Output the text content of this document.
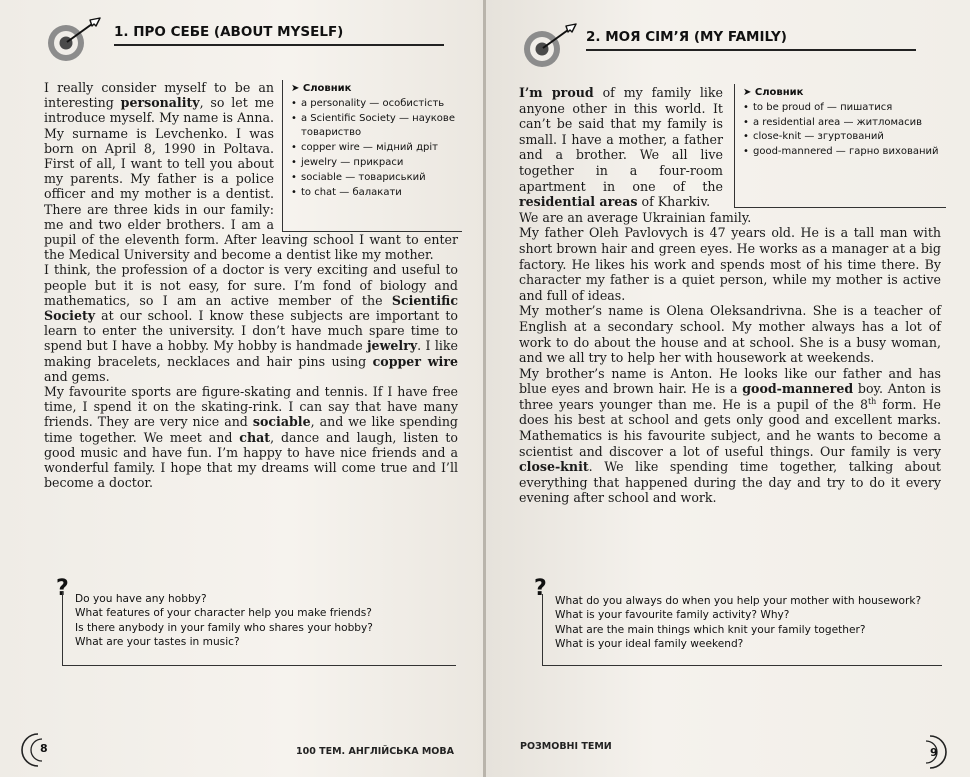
1. ПРО СЕБЕ (ABOUT MYSELF)
➤ Словник
• a personality — особистість
• a Scientific Society — наукове товариство
• copper wire — мідний дріт
• jewelry — прикраси
• sociable — товариський
• to chat — балакати

I really consider myself to be an interesting personality, so let me introduce myself. My name is Anna. My surname is Levchenko. I was born on April 8, 1990 in Poltava. First of all, I want to tell you about my parents. My father is a police officer and my mother is a dentist. There are three kids in our family: me and two elder brothers. I am a pupil of the eleventh form. After leaving school I want to enter the Medical University and become a dentist like my mother.

I think, the profession of a doctor is very exciting and useful to people but it is not easy, for sure. I’m fond of biology and mathematics, so I am an active member of the Scientific Society at our school. I know these subjects are important to learn to enter the university. I don’t have much spare time to spend but I have a hobby. My hobby is handmade jewelry. I like making bracelets, necklaces and hair pins using copper wire and gems.

My favourite sports are figure-skating and tennis. If I have free time, I spend it on the skating-rink. I can say that have many friends. They are very nice and sociable, and we like spending time together. We meet and chat, dance and laugh, listen to good music and have fun. I’m happy to have nice friends and a wonderful family. I hope that my dreams will come true and I’ll become a doctor.

? Do you have any hobby?
What features of your character help you make friends?
Is there anybody in your family who shares your hobby?
What are your tastes in music?
8	100 ТЕМ. АНГЛІЙСЬКА МОВА
2. МОЯ СІМ’Я (MY FAMILY)
➤ Словник
• to be proud of — пишатися
• a residential area — житломасив
• close-knit — згуртований
• good-mannered — гарно вихований

I’m proud of my family like anyone other in this world. It can’t be said that my family is small. I have a mother, a father and a brother. We all live together in a four-room apartment in one of the residential areas of Kharkiv.

We are an average Ukrainian family.

My father Oleh Pavlovych is 47 years old. He is a tall man with short brown hair and green eyes. He works as a manager at a big factory. He likes his work and spends most of his time there. By character my father is a quiet person, while my mother is active and full of ideas.

My mother’s name is Olena Oleksandrivna. She is a teacher of English at a secondary school. My mother always has a lot of work to do about the house and at school. She is a busy woman, and we all try to help her with housework at weekends.

My brother’s name is Anton. He looks like our father and has blue eyes and brown hair. He is a good-mannered boy. Anton is three years younger than me. He is a pupil of the 8th form. He does his best at school and gets only good and excellent marks. Mathematics is his favourite subject, and he wants to become a scientist and discover a lot of useful things. Our family is very close-knit. We like spending time together, talking about everything that happened during the day and try to do it every evening after school and work.

? What do you always do when you help your mother with housework?
What is your favourite family activity? Why?
What are the main things which knit your family together?
What is your ideal family weekend?
РОЗМОВНІ ТЕМИ	9
